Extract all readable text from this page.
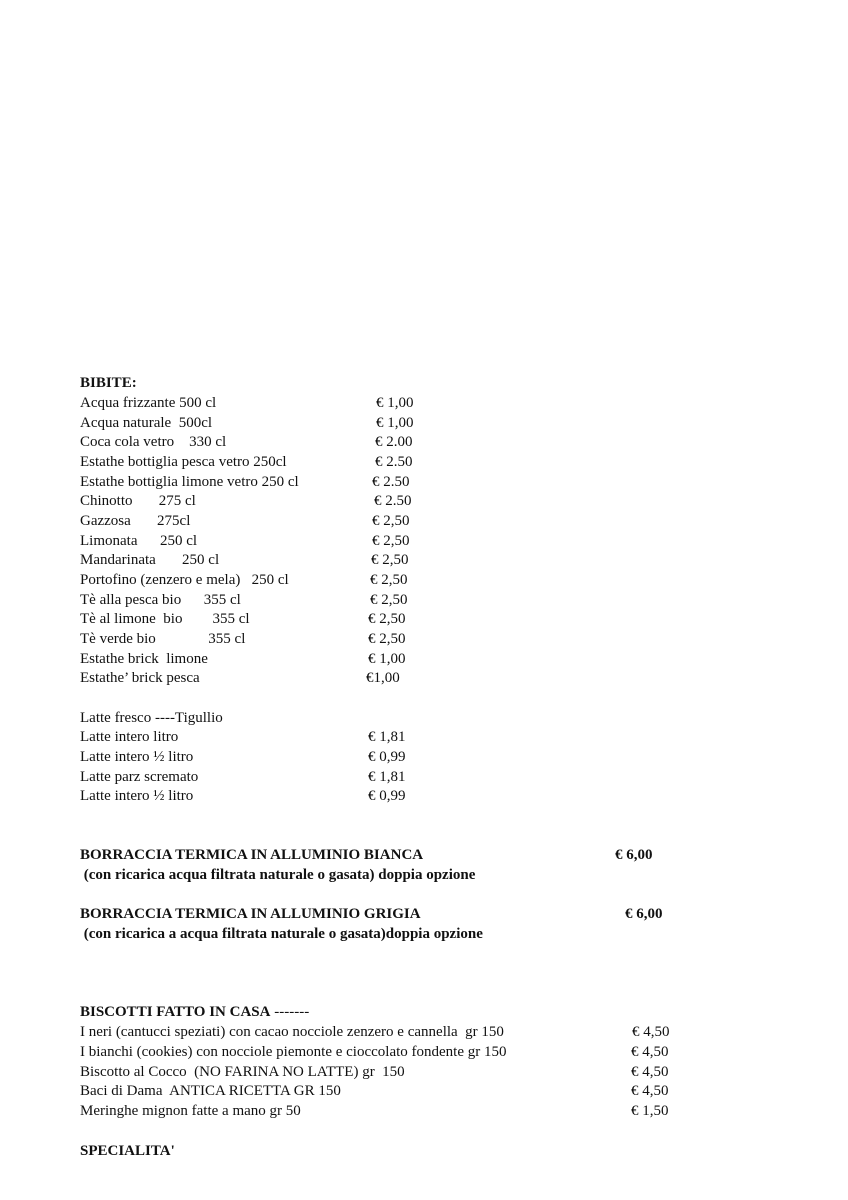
BIBITE:
Acqua frizzante 500 cl	€ 1,00
Acqua naturale  500cl	€ 1,00
Coca cola vetro    330 cl	€ 2.00
Estathe bottiglia pesca vetro 250cl	€ 2.50
Estathe bottiglia limone vetro 250 cl	€ 2.50
Chinotto       275 cl	€ 2.50
Gazzosa       275cl	€ 2,50
Limonata      250 cl	€ 2,50
Mandarinata       250 cl	€ 2,50
Portofino (zenzero e mela)   250 cl	€ 2,50
Tè alla pesca bio      355 cl	€ 2,50
Tè al limone  bio        355 cl	€ 2,50
Tè verde bio              355 cl	€ 2,50
Estathe brick  limone	€ 1,00
Estathe’ brick pesca	€1,00
Latte fresco ----Tigullio
Latte intero litro	€ 1,81
Latte intero ½ litro	€ 0,99
Latte parz scremato	€ 1,81
Latte intero ½ litro	€ 0,99
BORRACCIA TERMICA IN ALLUMINIO BIANCA	€ 6,00
(con ricarica acqua filtrata naturale o gasata) doppia opzione
BORRACCIA TERMICA IN ALLUMINIO GRIGIA	€ 6,00
(con ricarica a acqua filtrata naturale o gasata)doppia opzione
BISCOTTI FATTO IN CASA -------
I neri (cantucci speziati) con cacao nocciole zenzero e cannella  gr 150	€ 4,50
I bianchi (cookies) con nocciole piemonte e cioccolato fondente gr 150	€ 4,50
Biscotto al Cocco  (NO FARINA NO LATTE) gr  150	€ 4,50
Baci di Dama  ANTICA RICETTA GR 150	€ 4,50
Meringhe mignon fatte a mano gr 50	€ 1,50
SPECIALITA'
